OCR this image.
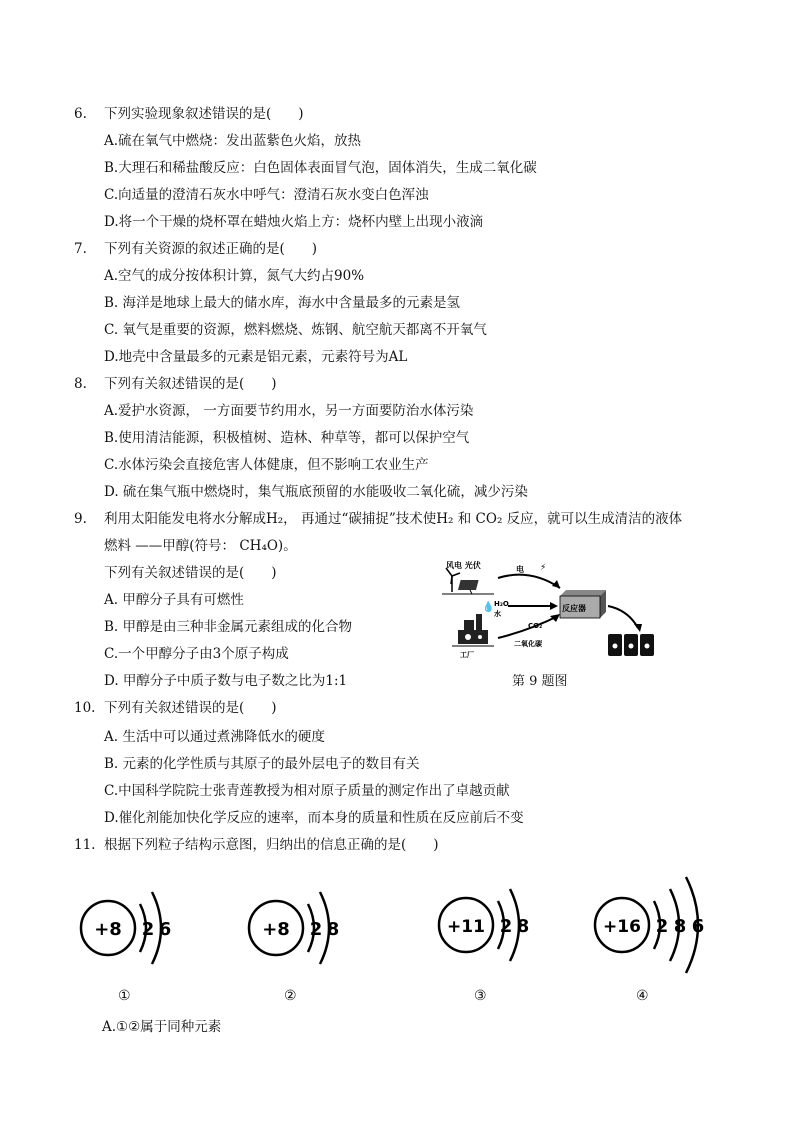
6. 下列实验现象叙述错误的是(　　)
A.硫在氧气中燃烧：发出蓝紫色火焰，放热
B.大理石和稀盐酸反应：白色固体表面冒气泡，固体消失，生成二氧化碳
C.向适量的澄清石灰水中呼气：澄清石灰水变白色浑浊
D.将一个干燥的烧杯罩在蜡烛火焰上方：烧杯内壁上出现小液滴
7. 下列有关资源的叙述正确的是(　　)
A.空气的成分按体积计算，氮气大约占90%
B. 海洋是地球上最大的储水库，海水中含量最多的元素是氢
C. 氧气是重要的资源，燃料燃烧、炼钢、航空航天都离不开氧气
D.地壳中含量最多的元素是铝元素，元素符号为AL
8. 下列有关叙述错误的是(　　)
A.爱护水资源， 一方面要节约用水，另一方面要防治水体污染
B.使用清洁能源，积极植树、造林、种草等，都可以保护空气
C.水体污染会直接危害人体健康，但不影响工农业生产
D. 硫在集气瓶中燃烧时，集气瓶底预留的水能吸收二氧化硫，减少污染
9. 利用太阳能发电将水分解成H₂， 再通过“碳捕捉”技术使H₂ 和 CO₂ 反应，就可以生成清洁的液体
燃料 ——甲醇(符号： CH₄O)。
下列有关叙述错误的是(　　)
A. 甲醇分子具有可燃性
B. 甲醇是由三种非金属元素组成的化合物
C.一个甲醇分子由3个原子构成
D. 甲醇分子中质子数与电子数之比为1:1
风电 光伏	电 ⚡
💧 H₂O
水
反应器
工厂
CO₂
二氧化碳
第 9 题图
10. 下列有关叙述错误的是(　　)
A. 生活中可以通过煮沸降低水的硬度
B. 元素的化学性质与其原子的最外层电子的数目有关
C.中国科学院院士张青莲教授为相对原子质量的测定作出了卓越贡献
D.催化剂能加快化学反应的速率，而本身的质量和性质在反应前后不变
11. 根据下列粒子结构示意图，归纳出的信息正确的是(　　)
+8 2 6	+8 2 8	+11 2 8	+16 2 8 6
①	②	③	④
A.①②属于同种元素
